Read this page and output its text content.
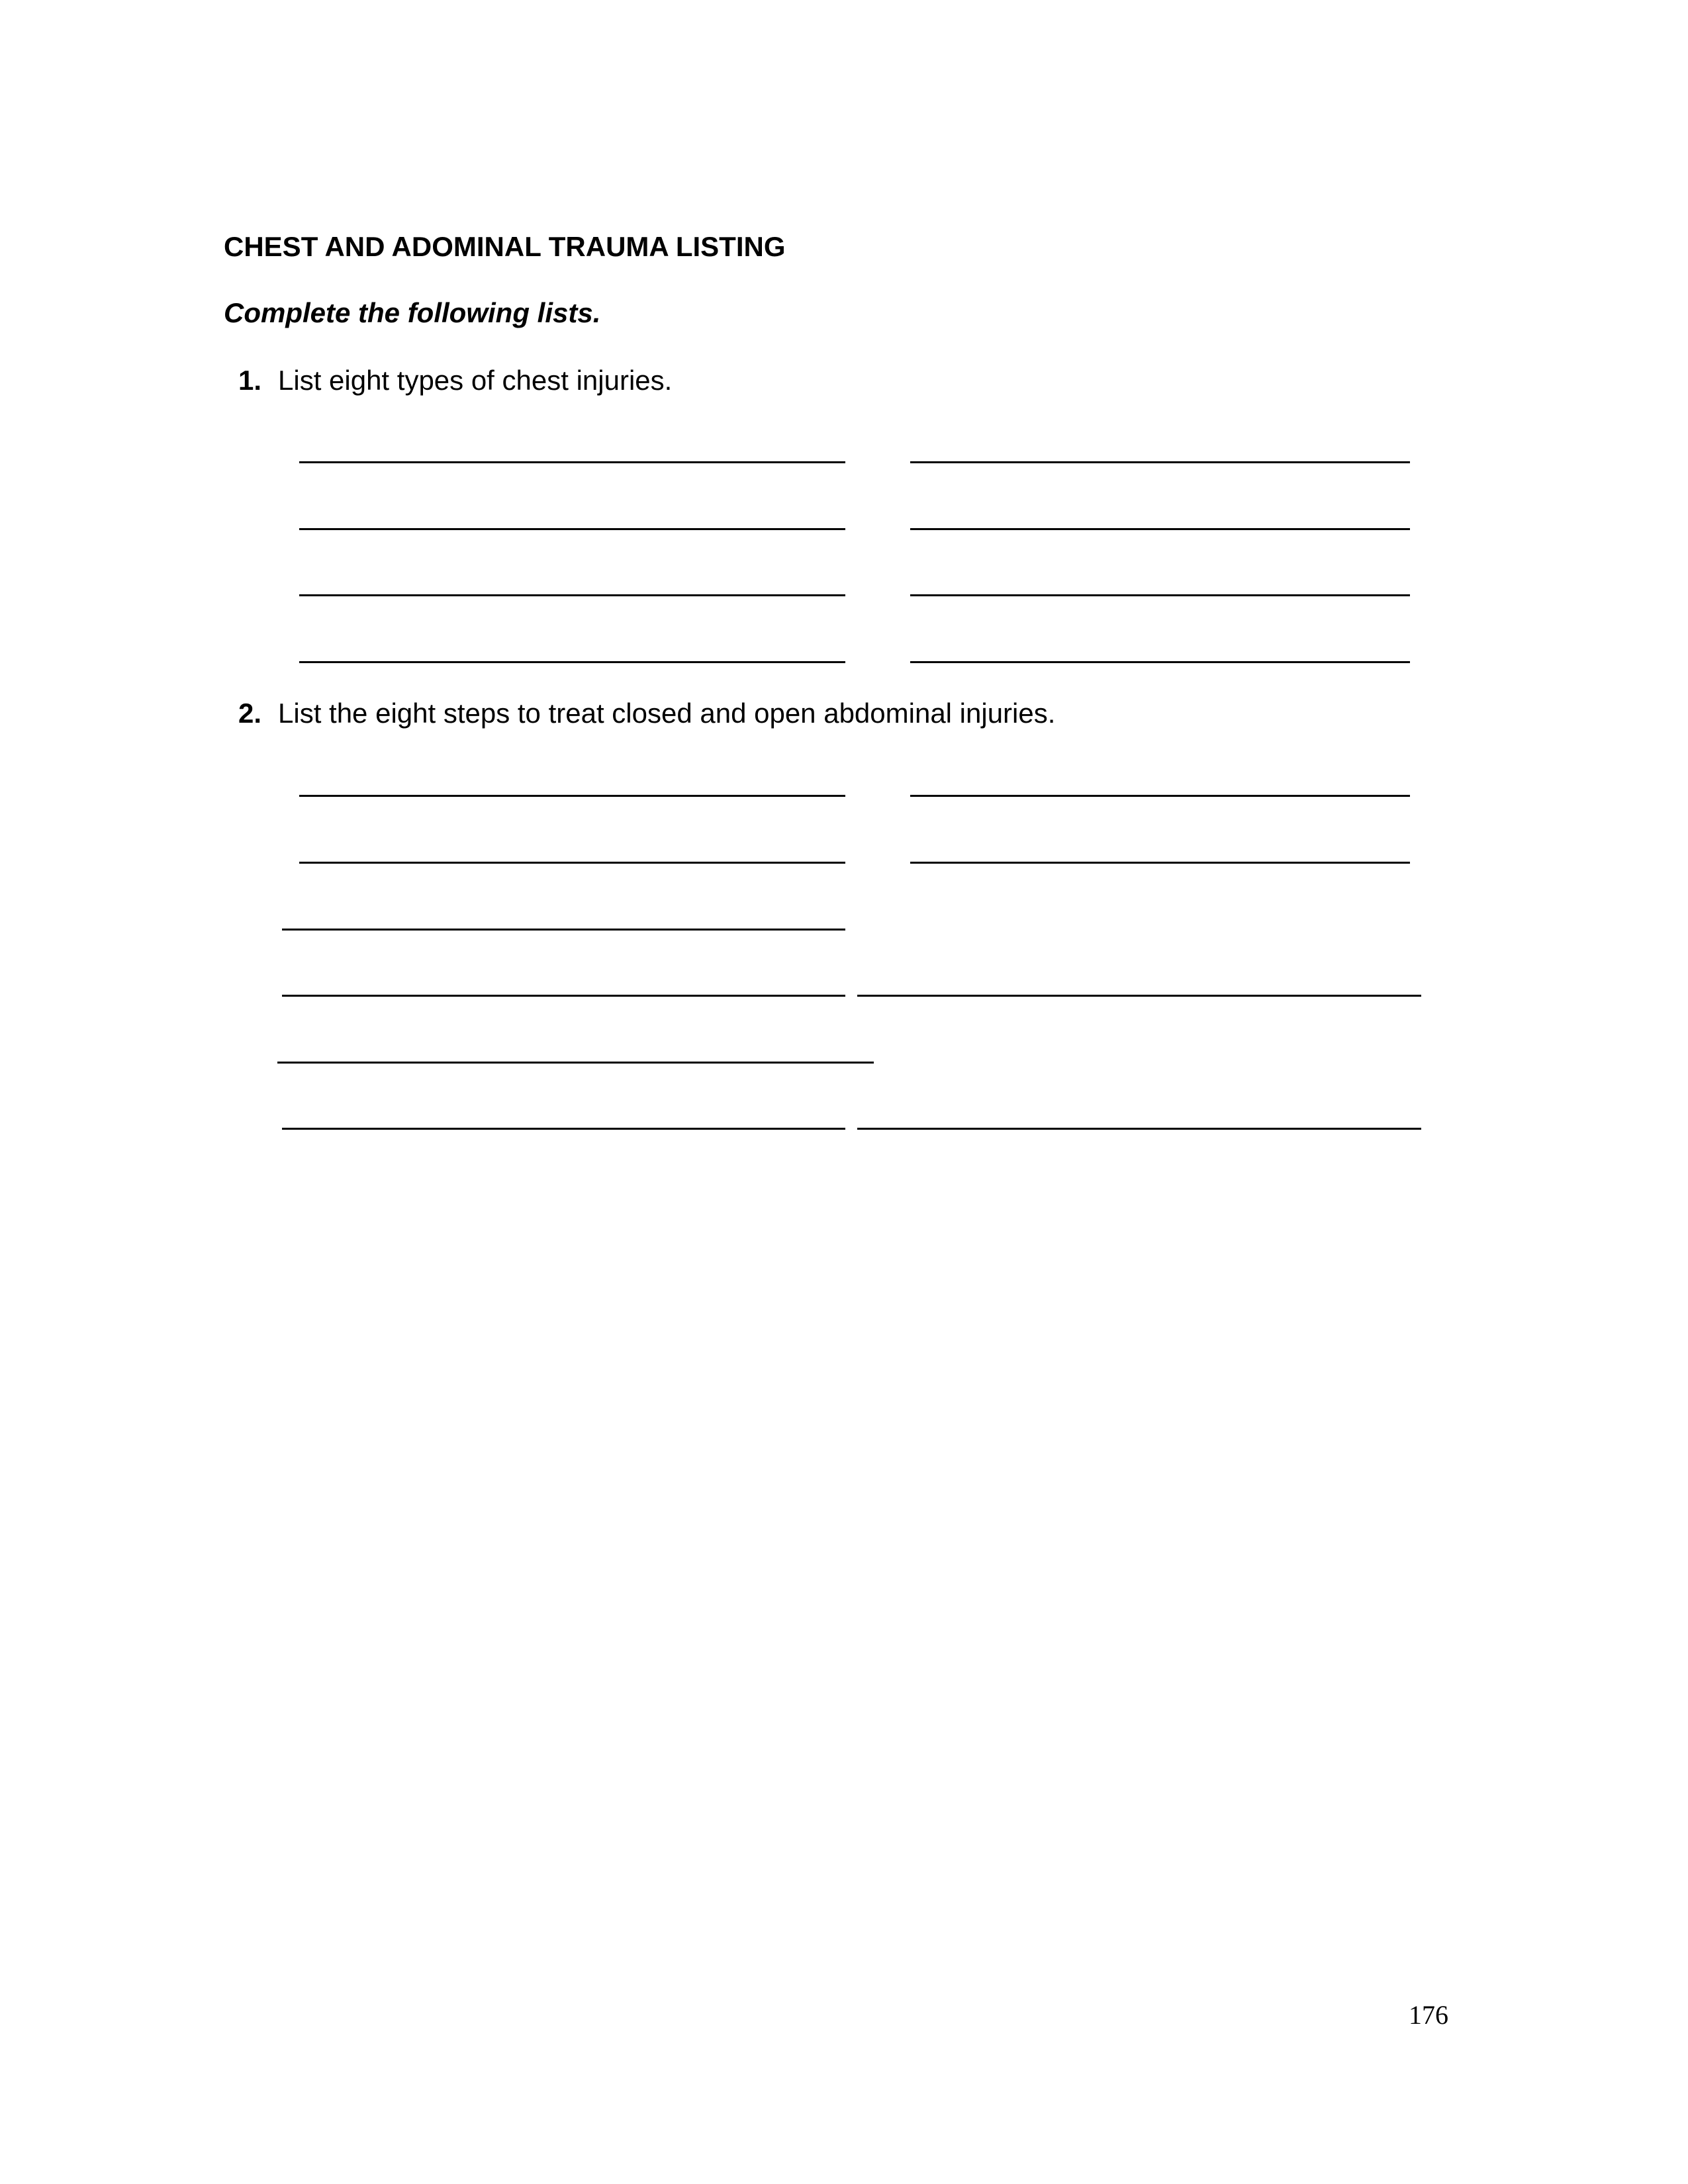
CHEST AND ADOMINAL TRAUMA LISTING
Complete the following lists.
1. List eight types of chest injuries.
2. List the eight steps to treat closed and open abdominal injuries.
176
